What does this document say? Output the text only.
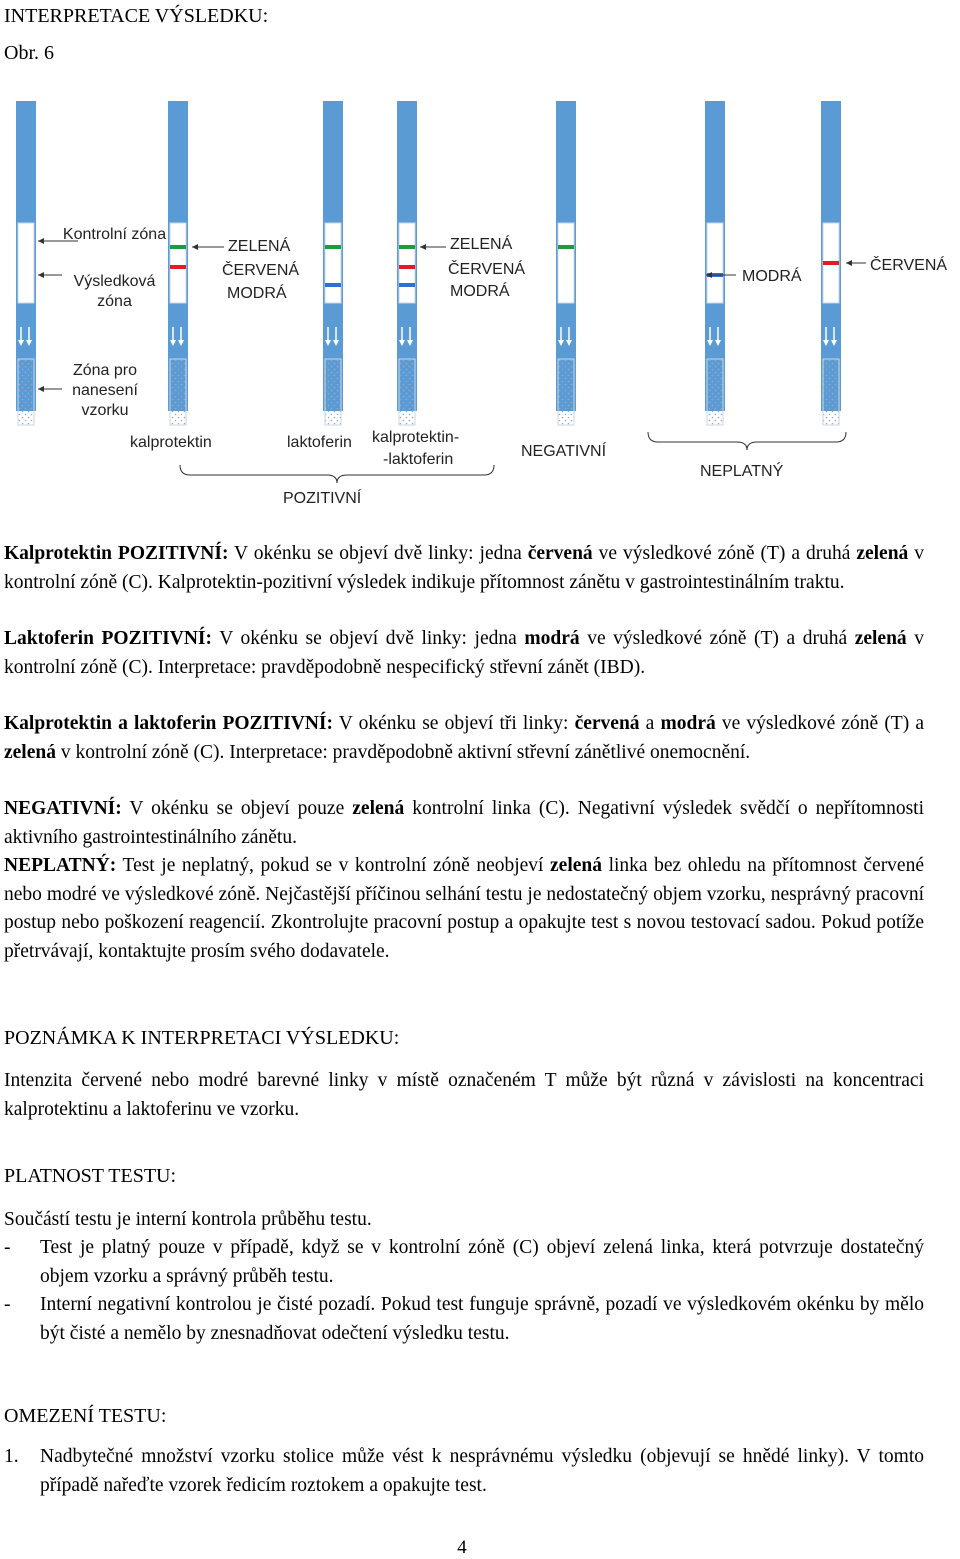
INTERPRETACE VÝSLEDKU:
Obr. 6
Kontrolní zóna
Výsledková zóna
Zóna pro nanesení vzorku
ZELENÁ
ČERVENÁ
MODRÁ
ZELENÁ
ČERVENÁ
MODRÁ
MODRÁ
ČERVENÁ
kalprotektin	laktoferin kalprotektin-
-laktoferin	NEGATIVNÍ
NEPLATNÝ
POZITIVNÍ
Kalprotektin POZITIVNÍ: V okénku se objeví dvě linky: jedna červená ve výsledkové zóně (T) a druhá zelená v kontrolní zóně (C). Kalprotektin-pozitivní výsledek indikuje přítomnost zánětu v gastrointestinálním traktu.
Laktoferin POZITIVNÍ: V okénku se objeví dvě linky: jedna modrá ve výsledkové zóně (T) a druhá zelená v kontrolní zóně (C). Interpretace: pravděpodobně nespecifický střevní zánět (IBD).
Kalprotektin a laktoferin POZITIVNÍ: V okénku se objeví tři linky: červená a modrá ve výsledkové zóně (T) a zelená v kontrolní zóně (C). Interpretace: pravděpodobně aktivní střevní zánětlivé onemocnění.
NEGATIVNÍ: V okénku se objeví pouze zelená kontrolní linka (C). Negativní výsledek svědčí o nepřítomnosti aktivního gastrointestinálního zánětu.
NEPLATNÝ: Test je neplatný, pokud se v kontrolní zóně neobjeví zelená linka bez ohledu na přítomnost červené nebo modré ve výsledkové zóně. Nejčastější příčinou selhání testu je nedostatečný objem vzorku, nesprávný pracovní postup nebo poškození reagencií. Zkontrolujte pracovní postup a opakujte test s novou testovací sadou. Pokud potíže přetrvávají, kontaktujte prosím svého dodavatele.
POZNÁMKA K INTERPRETACI VÝSLEDKU:
Intenzita červené nebo modré barevné linky v místě označeném T může být různá v závislosti na koncentraci kalprotektinu a laktoferinu ve vzorku.
PLATNOST TESTU:
Součástí testu je interní kontrola průběhu testu.
- Test je platný pouze v případě, když se v kontrolní zóně (C) objeví zelená linka, která potvrzuje dostatečný objem vzorku a správný průběh testu.
- Interní negativní kontrolou je čisté pozadí. Pokud test funguje správně, pozadí ve výsledkovém okénku by mělo být čisté a nemělo by znesnadňovat odečtení výsledku testu.
OMEZENÍ TESTU:
1. Nadbytečné množství vzorku stolice může vést k nesprávnému výsledku (objevují se hnědé linky). V tomto případě nařeďte vzorek ředicím roztokem a opakujte test.
4
